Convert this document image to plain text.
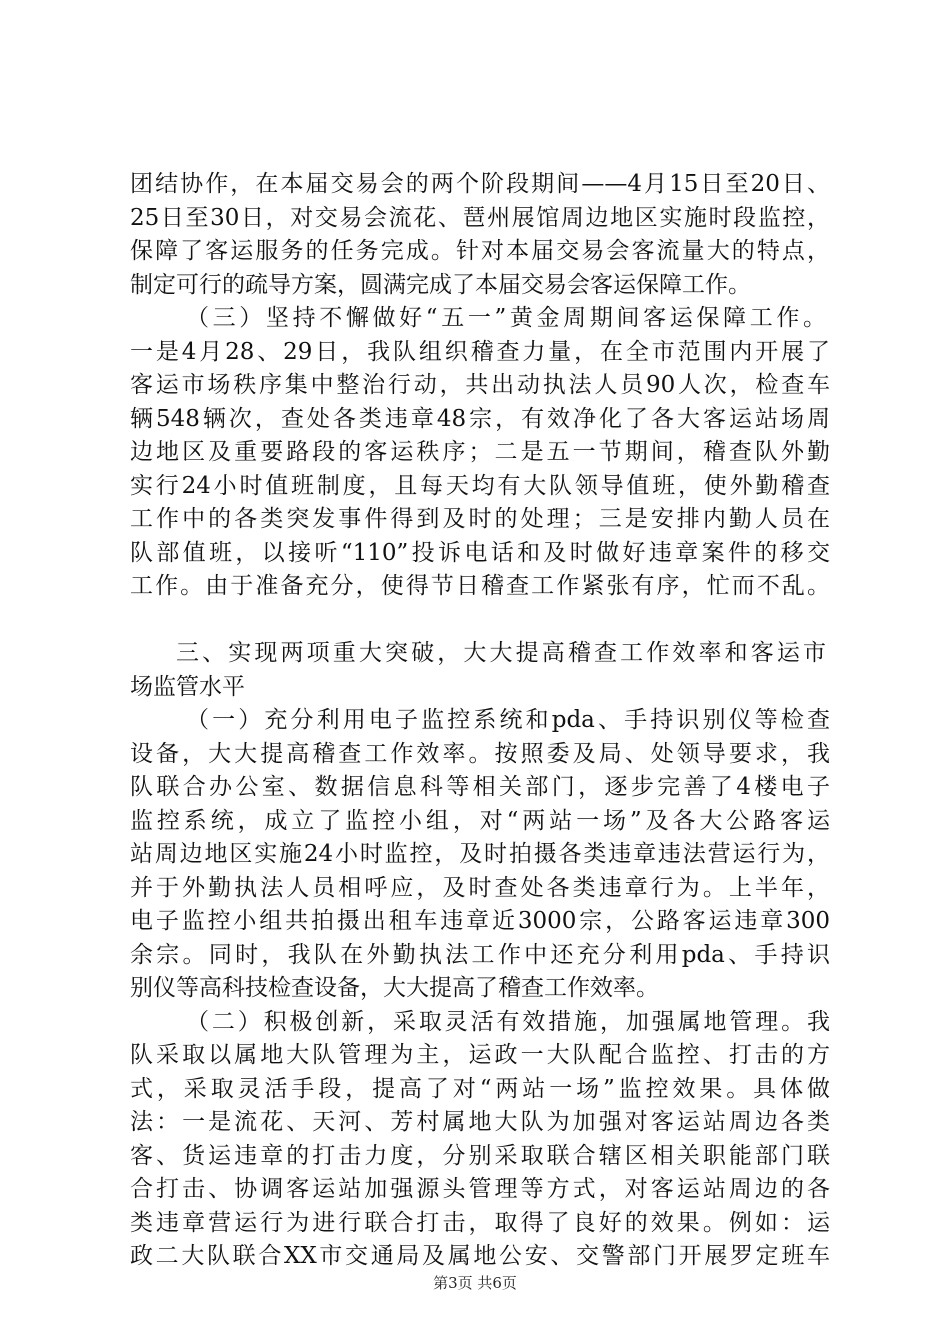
团结协作，在本届交易会的两个阶段期间——4月15日至20日、
25日至30日，对交易会流花、琶州展馆周边地区实施时段监控，
保障了客运服务的任务完成。针对本届交易会客流量大的特点，
制定可行的疏导方案，圆满完成了本届交易会客运保障工作。
（三）坚持不懈做好“五一”黄金周期间客运保障工作。
一是4月28、29日，我队组织稽查力量，在全市范围内开展了
客运市场秩序集中整治行动，共出动执法人员90人次，检查车
辆548辆次，查处各类违章48宗，有效净化了各大客运站场周
边地区及重要路段的客运秩序；二是五一节期间，稽查队外勤
实行24小时值班制度，且每天均有大队领导值班，使外勤稽查
工作中的各类突发事件得到及时的处理；三是安排内勤人员在
队部值班，以接听“110”投诉电话和及时做好违章案件的移交
工作。由于准备充分，使得节日稽查工作紧张有序，忙而不乱。
三、实现两项重大突破，大大提高稽查工作效率和客运市
场监管水平
（一）充分利用电子监控系统和pda、手持识别仪等检查
设备，大大提高稽查工作效率。按照委及局、处领导要求，我
队联合办公室、数据信息科等相关部门，逐步完善了4楼电子
监控系统，成立了监控小组，对“两站一场”及各大公路客运
站周边地区实施24小时监控，及时拍摄各类违章违法营运行为，
并于外勤执法人员相呼应，及时查处各类违章行为。上半年，
电子监控小组共拍摄出租车违章近3000宗，公路客运违章300
余宗。同时，我队在外勤执法工作中还充分利用pda、手持识
别仪等高科技检查设备，大大提高了稽查工作效率。
（二）积极创新，采取灵活有效措施，加强属地管理。我
队采取以属地大队管理为主，运政一大队配合监控、打击的方
式，采取灵活手段，提高了对“两站一场”监控效果。具体做
法：一是流花、天河、芳村属地大队为加强对客运站周边各类
客、货运违章的打击力度，分别采取联合辖区相关职能部门联
合打击、协调客运站加强源头管理等方式，对客运站周边的各
类违章营运行为进行联合打击，取得了良好的效果。例如：运
政二大队联合XX市交通局及属地公安、交警部门开展罗定班车
第3页 共6页
